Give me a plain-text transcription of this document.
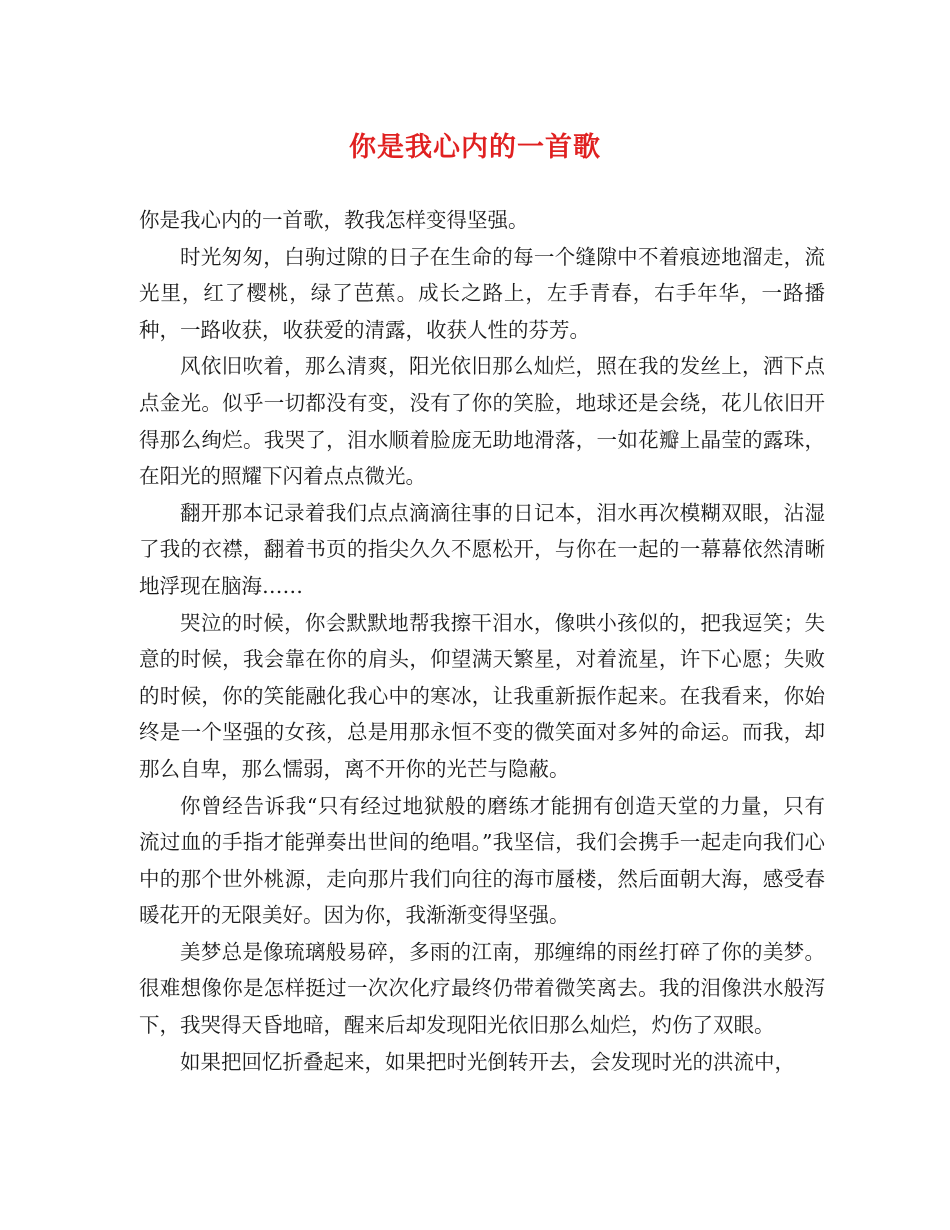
你是我心内的一首歌

你是我心内的一首歌，教我怎样变得坚强。

时光匆匆，白驹过隙的日子在生命的每一个缝隙中不着痕迹地溜走，流光里，红了樱桃，绿了芭蕉。成长之路上，左手青春，右手年华，一路播种，一路收获，收获爱的清露，收获人性的芬芳。

风依旧吹着，那么清爽，阳光依旧那么灿烂，照在我的发丝上，洒下点点金光。似乎一切都没有变，没有了你的笑脸，地球还是会绕，花儿依旧开得那么绚烂。我哭了，泪水顺着脸庞无助地滑落，一如花瓣上晶莹的露珠，在阳光的照耀下闪着点点微光。

翻开那本记录着我们点点滴滴往事的日记本，泪水再次模糊双眼，沾湿了我的衣襟，翻着书页的指尖久久不愿松开，与你在一起的一幕幕依然清晰地浮现在脑海……

哭泣的时候，你会默默地帮我擦干泪水，像哄小孩似的，把我逗笑；失意的时候，我会靠在你的肩头，仰望满天繁星，对着流星，许下心愿；失败的时候，你的笑能融化我心中的寒冰，让我重新振作起来。在我看来，你始终是一个坚强的女孩，总是用那永恒不变的微笑面对多舛的命运。而我，却那么自卑，那么懦弱，离不开你的光芒与隐蔽。

你曾经告诉我“只有经过地狱般的磨练才能拥有创造天堂的力量，只有流过血的手指才能弹奏出世间的绝唱。”我坚信，我们会携手一起走向我们心中的那个世外桃源，走向那片我们向往的海市蜃楼，然后面朝大海，感受春暖花开的无限美好。因为你，我渐渐变得坚强。

美梦总是像琉璃般易碎，多雨的江南，那缠绵的雨丝打碎了你的美梦。很难想像你是怎样挺过一次次化疗最终仍带着微笑离去。我的泪像洪水般泻下，我哭得天昏地暗，醒来后却发现阳光依旧那么灿烂，灼伤了双眼。

如果把回忆折叠起来，如果把时光倒转开去，会发现时光的洪流中，
